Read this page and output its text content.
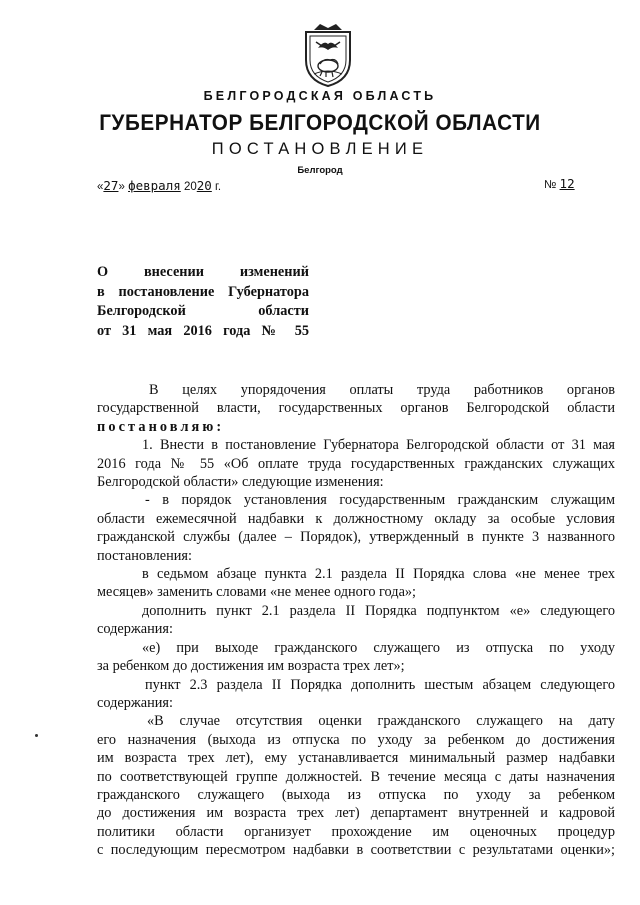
БЕЛГОРОДСКАЯ ОБЛАСТЬ
ГУБЕРНАТОР БЕЛГОРОДСКОЙ ОБЛАСТИ
ПОСТАНОВЛЕНИЕ
Белгород
«27» февраля 2020 г.	№ 12
О внесении изменений
в постановление Губернатора
Белгородской области
от 31 мая 2016 года № 55
В целях упорядочения оплаты труда работников органов
государственной власти, государственных органов Белгородской области
постановляю:
1. Внести в постановление Губернатора Белгородской области от 31 мая
2016 года № 55 «Об оплате труда государственных гражданских служащих
Белгородской области» следующие изменения:
- в порядок установления государственным гражданским служащим
области ежемесячной надбавки к должностному окладу за особые условия
гражданской службы (далее – Порядок), утвержденный в пункте 3 названного
постановления:
в седьмом абзаце пункта 2.1 раздела II Порядка слова «не менее трех
месяцев» заменить словами «не менее одного года»;
дополнить пункт 2.1 раздела II Порядка подпунктом «е» следующего
содержания:
«е) при выходе гражданского служащего из отпуска по уходу
за ребенком до достижения им возраста трех лет»;
пункт 2.3 раздела II Порядка дополнить шестым абзацем следующего
содержания:
«В случае отсутствия оценки гражданского служащего на дату
его назначения (выхода из отпуска по уходу за ребенком до достижения
им возраста трех лет), ему устанавливается минимальный размер надбавки
по соответствующей группе должностей. В течение месяца с даты назначения
гражданского служащего (выхода из отпуска по уходу за ребенком
до достижения им возраста трех лет) департамент внутренней и кадровой
политики области организует прохождение им оценочных процедур
с последующим пересмотром надбавки в соответствии с результатами оценки»;
